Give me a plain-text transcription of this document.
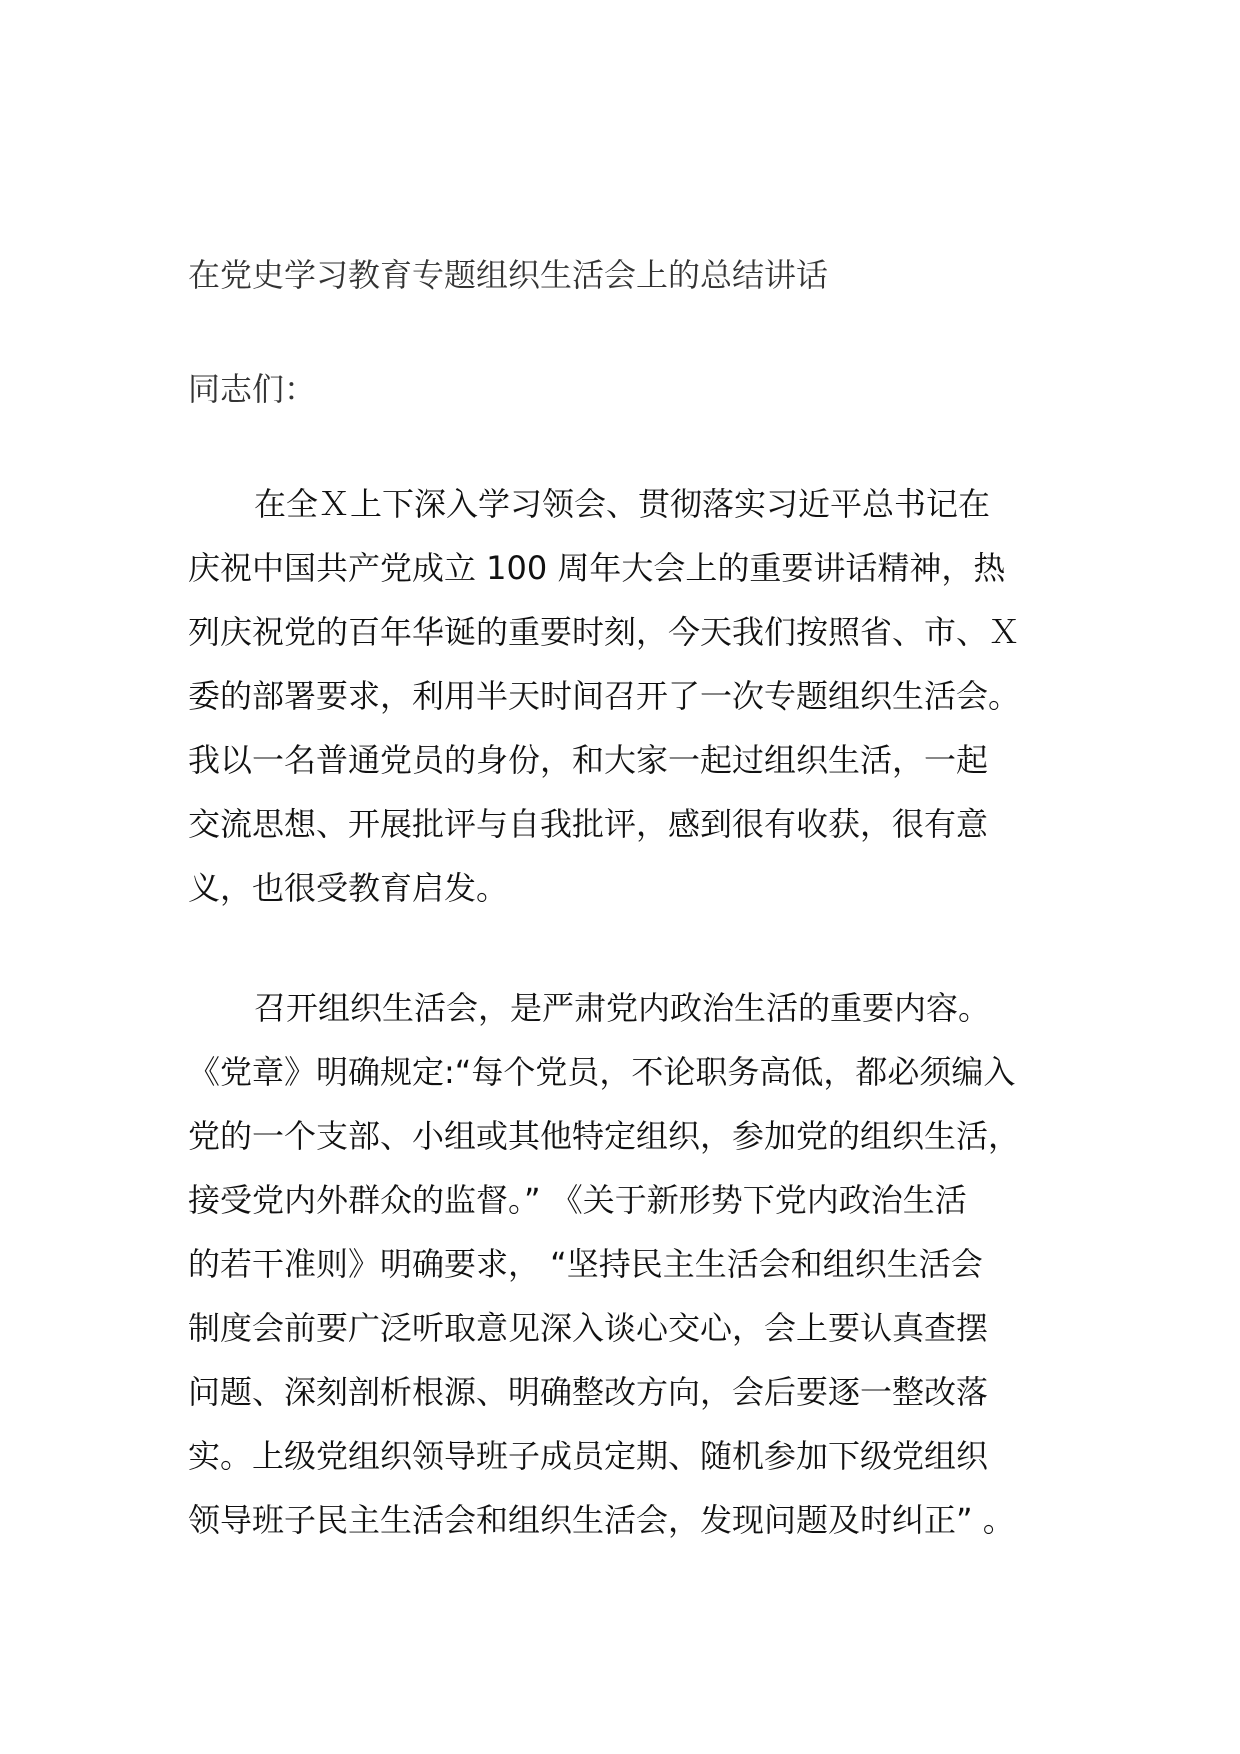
在党史学习教育专题组织生活会上的总结讲话

同志们：

在全Ｘ上下深入学习领会、贯彻落实习近平总书记在
庆祝中国共产党成立 100 周年大会上的重要讲话精神，热
列庆祝党的百年华诞的重要时刻，今天我们按照省、市、Ｘ
委的部署要求，利用半天时间召开了一次专题组织生活会。
我以一名普通党员的身份，和大家一起过组织生活，一起
交流思想、开展批评与自我批评，感到很有收获，很有意
义，也很受教育启发。

召开组织生活会，是严肃党内政治生活的重要内容。
《党章》明确规定:“每个党员，不论职务高低，都必须编入
党的一个支部、小组或其他特定组织，参加党的组织生活，
接受党内外群众的监督。” 《关于新形势下党内政治生活
的若干准则》明确要求， “坚持民主生活会和组织生活会
制度会前要广泛听取意见深入谈心交心，会上要认真查摆
问题、深刻剖析根源、明确整改方向，会后要逐一整改落
实。上级党组织领导班子成员定期、随机参加下级党组织
领导班子民主生活会和组织生活会，发现问题及时纠正” 。
